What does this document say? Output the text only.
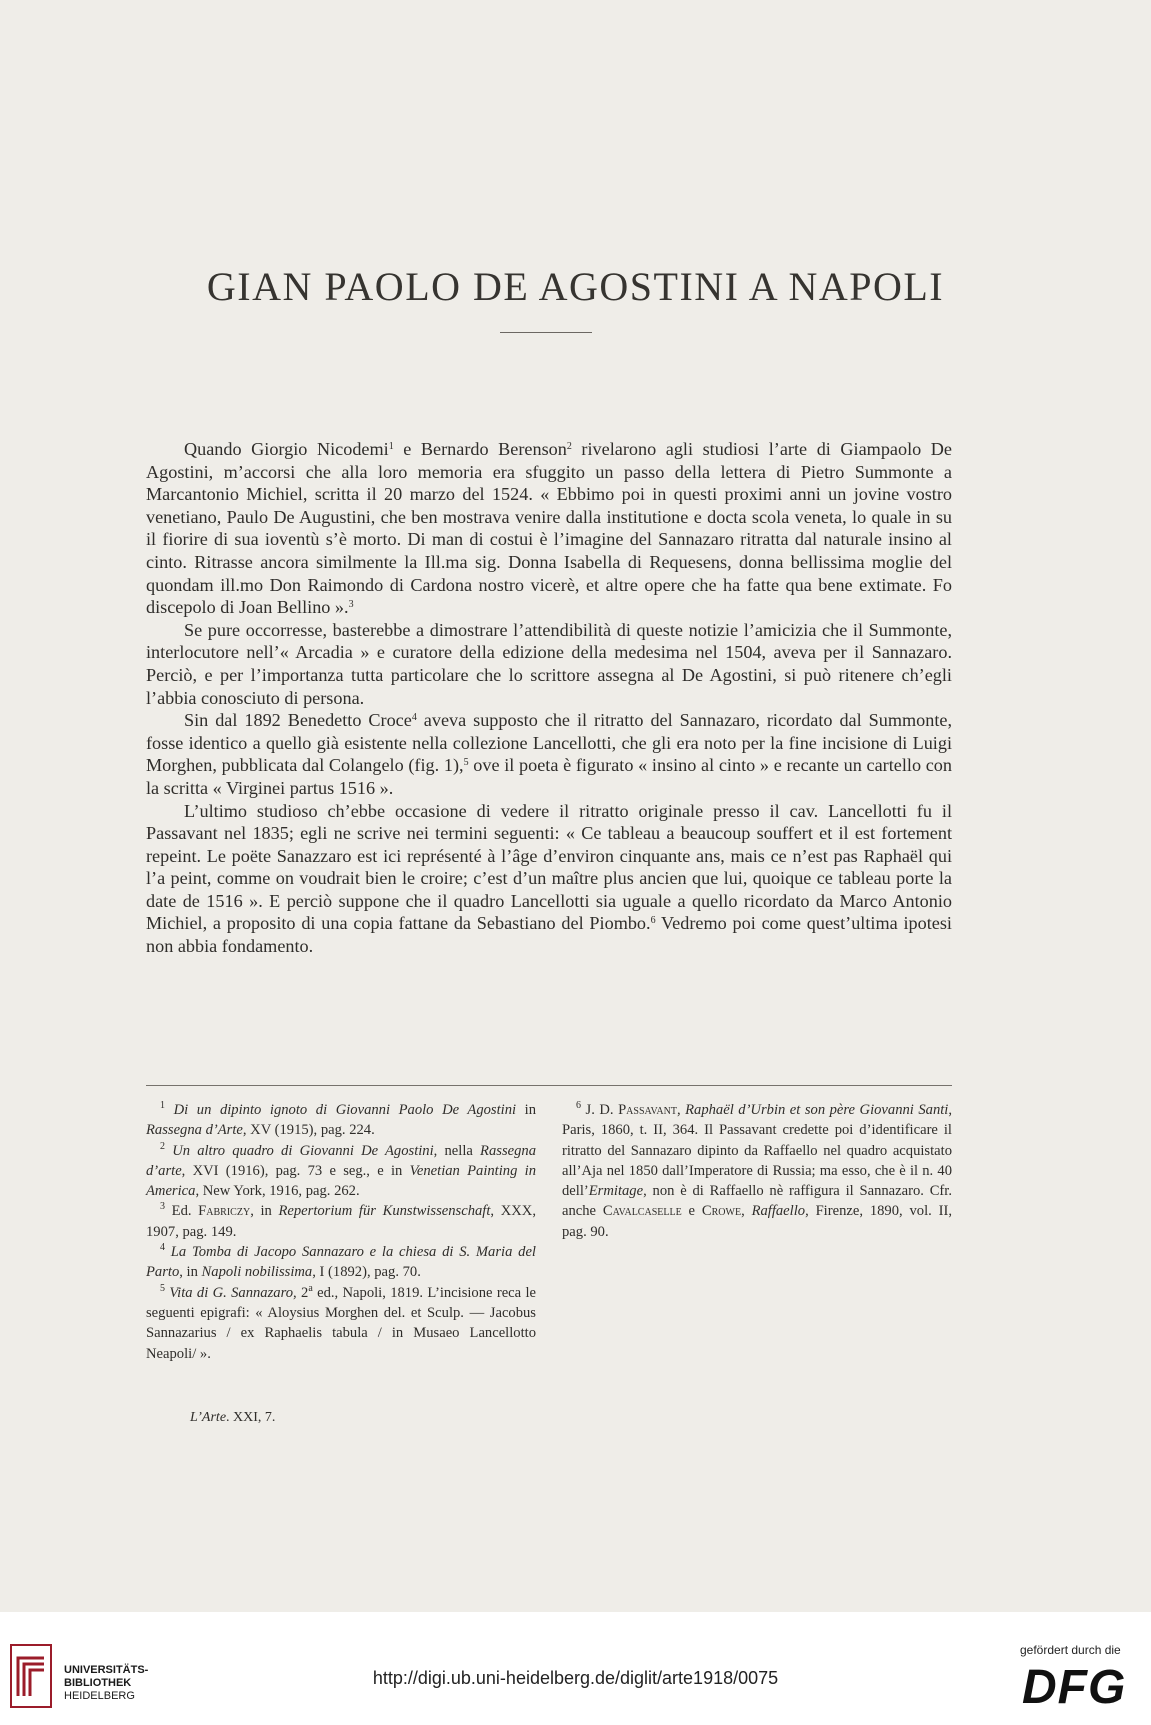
GIAN PAOLO DE AGOSTINI A NAPOLI

Quando Giorgio Nicodemi$^1$ e Bernardo Berenson$^2$ rivelarono agli studiosi l’arte di Giampaolo De Agostini, m’accorsi che alla loro memoria era sfuggito un passo della lettera di Pietro Summonte a Marcantonio Michiel, scritta il 20 marzo del 1524. « Ebbimo poi in questi proximi anni un jovine vostro venetiano, Paulo De Augustini, che ben mostrava venire dalla institutione e docta scola veneta, lo quale in su il fiorire di sua ioventù s’è morto. Di man di costui è l’imagine del Sannazaro ritratta dal naturale insino al cinto. Ritrasse ancora similmente la Ill.ma sig. Donna Isabella di Requesens, donna bellissima moglie del quondam ill.mo Don Raimondo di Cardona nostro vicerè, et altre opere che ha fatte qua bene extimate. Fo discepolo di Joan Bellino ».$^3$

Se pure occorresse, basterebbe a dimostrare l’attendibilità di queste notizie l’amicizia che il Summonte, interlocutore nell’« Arcadia » e curatore della edizione della medesima nel 1504, aveva per il Sannazaro. Perciò, e per l’importanza tutta particolare che lo scrittore assegna al De Agostini, si può ritenere ch’egli l’abbia conosciuto di persona.

Sin dal 1892 Benedetto Croce$^4$ aveva supposto che il ritratto del Sannazaro, ricordato dal Summonte, fosse identico a quello già esistente nella collezione Lancellotti, che gli era noto per la fine incisione di Luigi Morghen, pubblicata dal Colangelo (fig. 1),$^5$ ove il poeta è figurato « insino al cinto » e recante un cartello con la scritta « Virginei partus 1516 ».

L’ultimo studioso ch’ebbe occasione di vedere il ritratto originale presso il cav. Lancellotti fu il Passavant nel 1835; egli ne scrive nei termini seguenti: « Ce tableau a beaucoup souffert et il est fortement repeint. Le poëte Sanazzaro est ici représenté à l’âge d’environ cinquante ans, mais ce n’est pas Raphaël qui l’a peint, comme on voudrait bien le croire; c’est d’un maître plus ancien que lui, quoique ce tableau porte la date de 1516 ». E perciò suppone che il quadro Lancellotti sia uguale a quello ricordato da Marco Antonio Michiel, a proposito di una copia fattane da Sebastiano del Piombo.$^6$ Vedremo poi come quest’ultima ipotesi non abbia fondamento.

$^1$ Di un dipinto ignoto di Giovanni Paolo De Agostini in Rassegna d’Arte, XV (1915), pag. 224.

$^2$ Un altro quadro di Giovanni De Agostini, nella Rassegna d’arte, XVI (1916), pag. 73 e seg., e in Venetian Painting in America, New York, 1916, pag. 262.

$^3$ Ed. Fabriczy, in Repertorium für Kunstwissenschaft, XXX, 1907, pag. 149.

$^4$ La Tomba di Jacopo Sannazaro e la chiesa di S. Maria del Parto, in Napoli nobilissima, I (1892), pag. 70.

$^5$ Vita di G. Sannazaro, 2$^a$ ed., Napoli, 1819. L’incisione reca le seguenti epigrafi: « Aloysius Morghen del. et Sculp. — Jacobus Sannazarius / ex Raphaelis tabula / in Musaeo Lancellotto Neapoli/ ».

$^6$ J. D. Passavant, Raphaël d’Urbin et son père Giovanni Santi, Paris, 1860, t. II, 364. Il Passavant credette poi d’identificare il ritratto del Sannazaro dipinto da Raffaello nel quadro acquistato all’Aja nel 1850 dall’Imperatore di Russia; ma esso, che è il n. 40 dell’Ermitage, non è di Raffaello nè raffigura il Sannazaro. Cfr. anche Cavalcaselle e Crowe, Raffaello, Firenze, 1890, vol. II, pag. 90.

L’Arte. XXI, 7.
UNIVERSITÄTS-
BIBLIOTHEK
HEIDELBERG
http://digi.ub.uni-heidelberg.de/diglit/arte1918/0075
gefördert durch die
DFG
